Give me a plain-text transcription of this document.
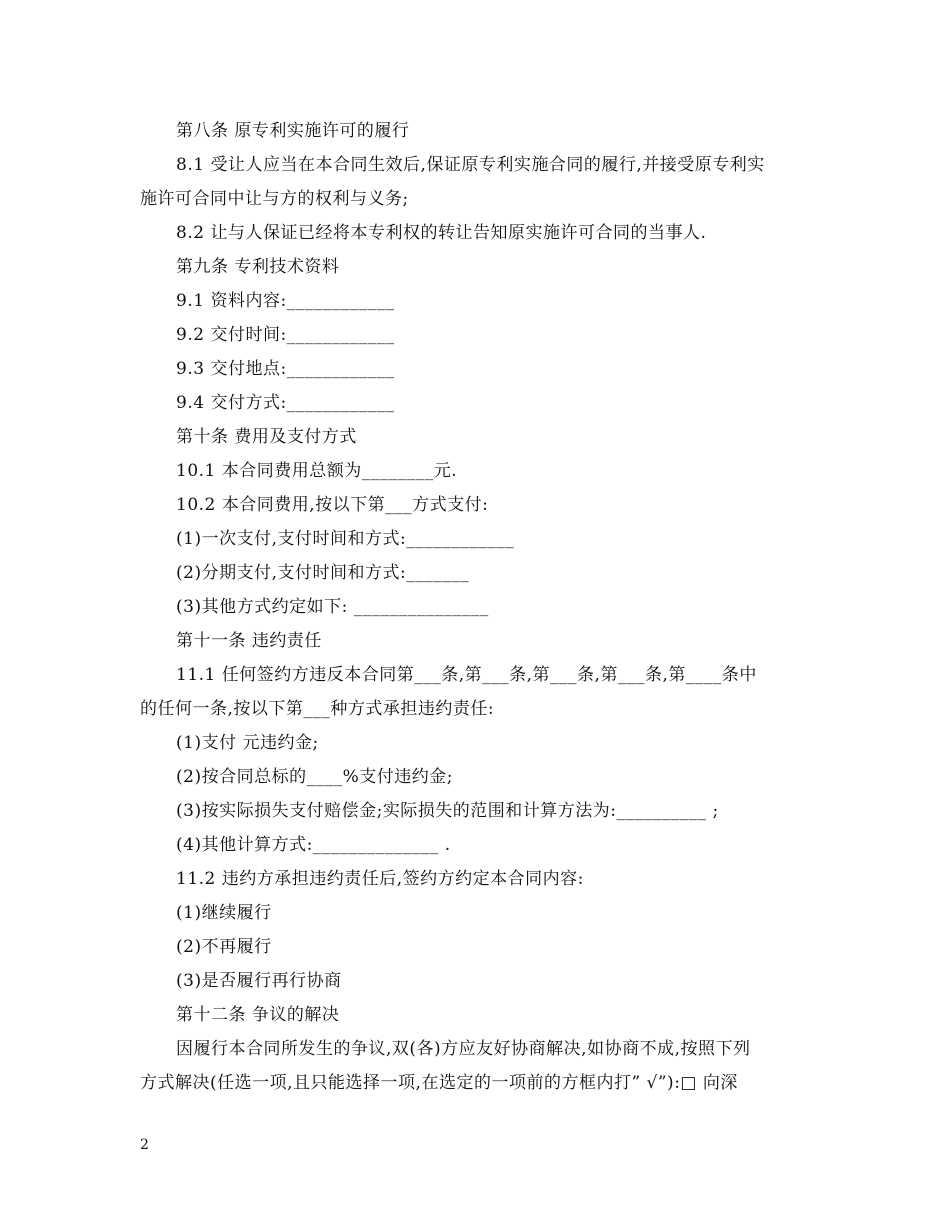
第八条 原专利实施许可的履行
8.1 受让人应当在本合同生效后,保证原专利实施合同的履行,并接受原专利实
施许可合同中让与方的权利与义务;
8.2 让与人保证已经将本专利权的转让告知原实施许可合同的当事人.
第九条 专利技术资料
9.1 资料内容:____________
9.2 交付时间:____________
9.3 交付地点:____________
9.4 交付方式:____________
第十条 费用及支付方式
10.1 本合同费用总额为________元.
10.2 本合同费用,按以下第___方式支付:
(1)一次支付,支付时间和方式:____________
(2)分期支付,支付时间和方式:_______
(3)其他方式约定如下: _______________
第十一条 违约责任
11.1 任何签约方违反本合同第___条,第___条,第___条,第___条,第____条中
的任何一条,按以下第___种方式承担违约责任:
(1)支付 元违约金;
(2)按合同总标的____%支付违约金;
(3)按实际损失支付赔偿金;实际损失的范围和计算方法为:__________ ;
(4)其他计算方式:______________ .
11.2 违约方承担违约责任后,签约方约定本合同内容:
(1)继续履行
(2)不再履行
(3)是否履行再行协商
第十二条 争议的解决
因履行本合同所发生的争议,双(各)方应友好协商解决,如协商不成,按照下列
方式解决(任选一项,且只能选择一项,在选定的一项前的方框内打” √”):□ 向深
2
